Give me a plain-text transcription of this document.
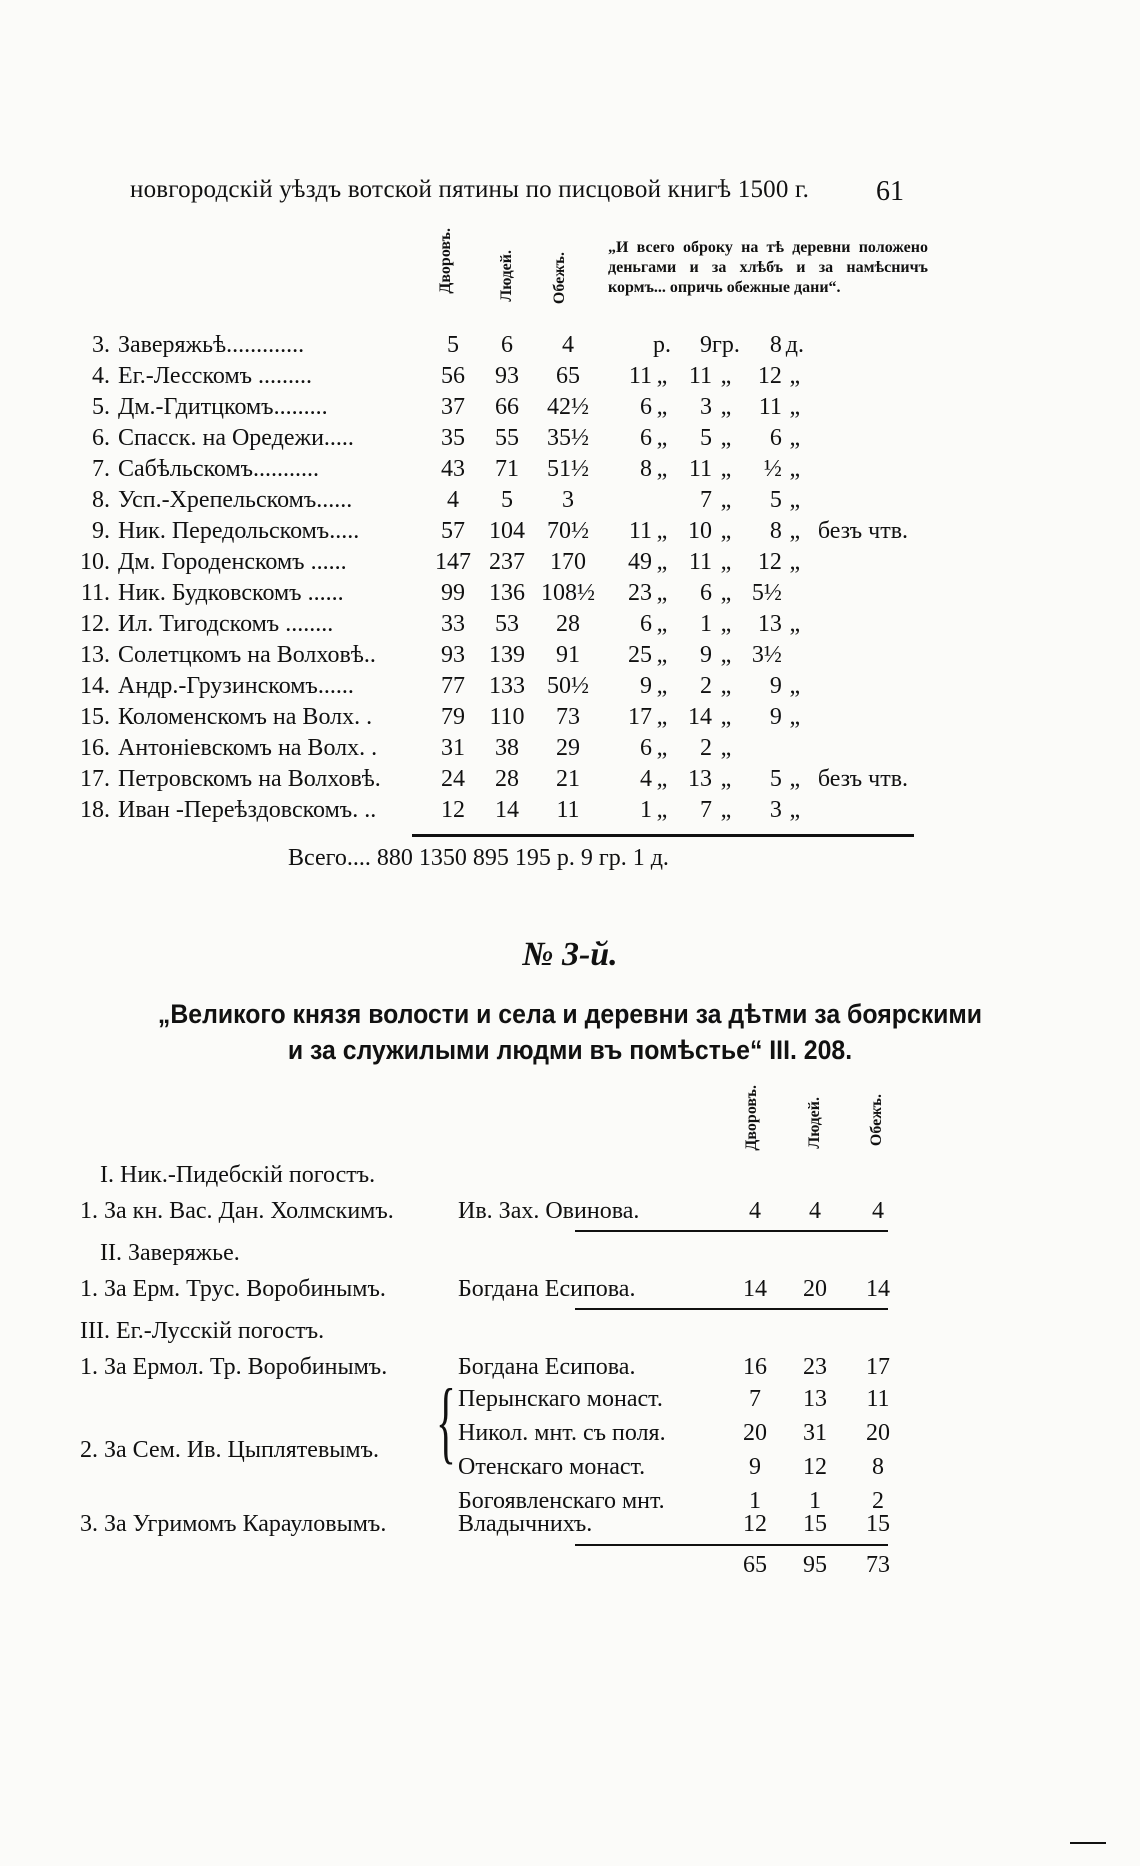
новгородскій уѣздъ вотской пятины по писцовой книгѣ 1500 г. 61
Дворовъ.	Людей. Обежъ.
„И всего оброку на тѣ деревни положено деньгами и за хлѣбъ и за намѣсничъ кормъ... опричь обежные дани“.
3.	Заверяжьѣ.............	5	6	4		р.	9	гр.	8	д.	
4.	Ег.-Лесскомъ .........	56	93	65	11	„	11	„	12	„	
5.	Дм.-Гдитцкомъ.........	37	66	42½	6	„	3	„	11	„	
6.	Спасск. на Оредежи.....	35	55	35½	6	„	5	„	6	„	
7.	Сабѣльскомъ...........	43	71	51½	8	„	11	„	½	„	
8.	Усп.-Хрепельскомъ......	4	5	3			7	„	5	„	
9.	Ник. Передольскомъ.....	57	104	70½	11	„	10	„	8	„	безъ чтв.
10.	Дм. Городенскомъ ......	147	237	170	49	„	11	„	12	„	
11.	Ник. Будковскомъ ......	99	136	108½	23	„	6	„	5½		
12.	Ил. Тигодскомъ ........	33	53	28	6	„	1	„	13	„	
13.	Солетцкомъ на Волховѣ..	93	139	91	25	„	9	„	3½		
14.	Андр.-Грузинскомъ......	77	133	50½	9	„	2	„	9	„	
15.	Коломенскомъ на Волх. .	79	110	73	17	„	14	„	9	„	
16.	Антоніевскомъ на Волх. .	31	38	29	6	„	2	„			
17.	Петровскомъ на Волховѣ.	24	28	21	4	„	13	„	5	„	безъ чтв.
18.	Иван -Переѣздовскомъ. ..	12	14	11	1	„	7	„	3	„	
Всего.... 880 1350 895 195 р. 9 гр. 1 д.
№ 3-й.
„Великого князя волости и села и деревни за дѣтми за боярскими
и за служилыми людми въ помѣстье“ III. 208.
Дворовъ.	Людей.	Обежъ.
I. Ник.-Пидебскій погостъ.
1. За кн. Вас. Дан. Холмскимъ.	Ив. Зах. Овинова.	4	4	4
II. Заверяжье.
1. За Ерм. Трус. Воробинымъ.	Богдана Есипова.	14	20	14
III. Ег.-Лусскій погостъ.
1. За Ермол. Тр. Воробинымъ.	Богдана Есипова.	16	23	17
2. За Сем. Ив. Цыплятевымъ. { Перынскаго монаст.	7	13	11
Никол. мнт. съ поля.	20	31	20
Отенскаго монаст.	9	12	8
Богоявленскаго мнт.	1	1	2
3. За Угримомъ Карауловымъ.	Владычнихъ.	12	15	15
65	95	73
